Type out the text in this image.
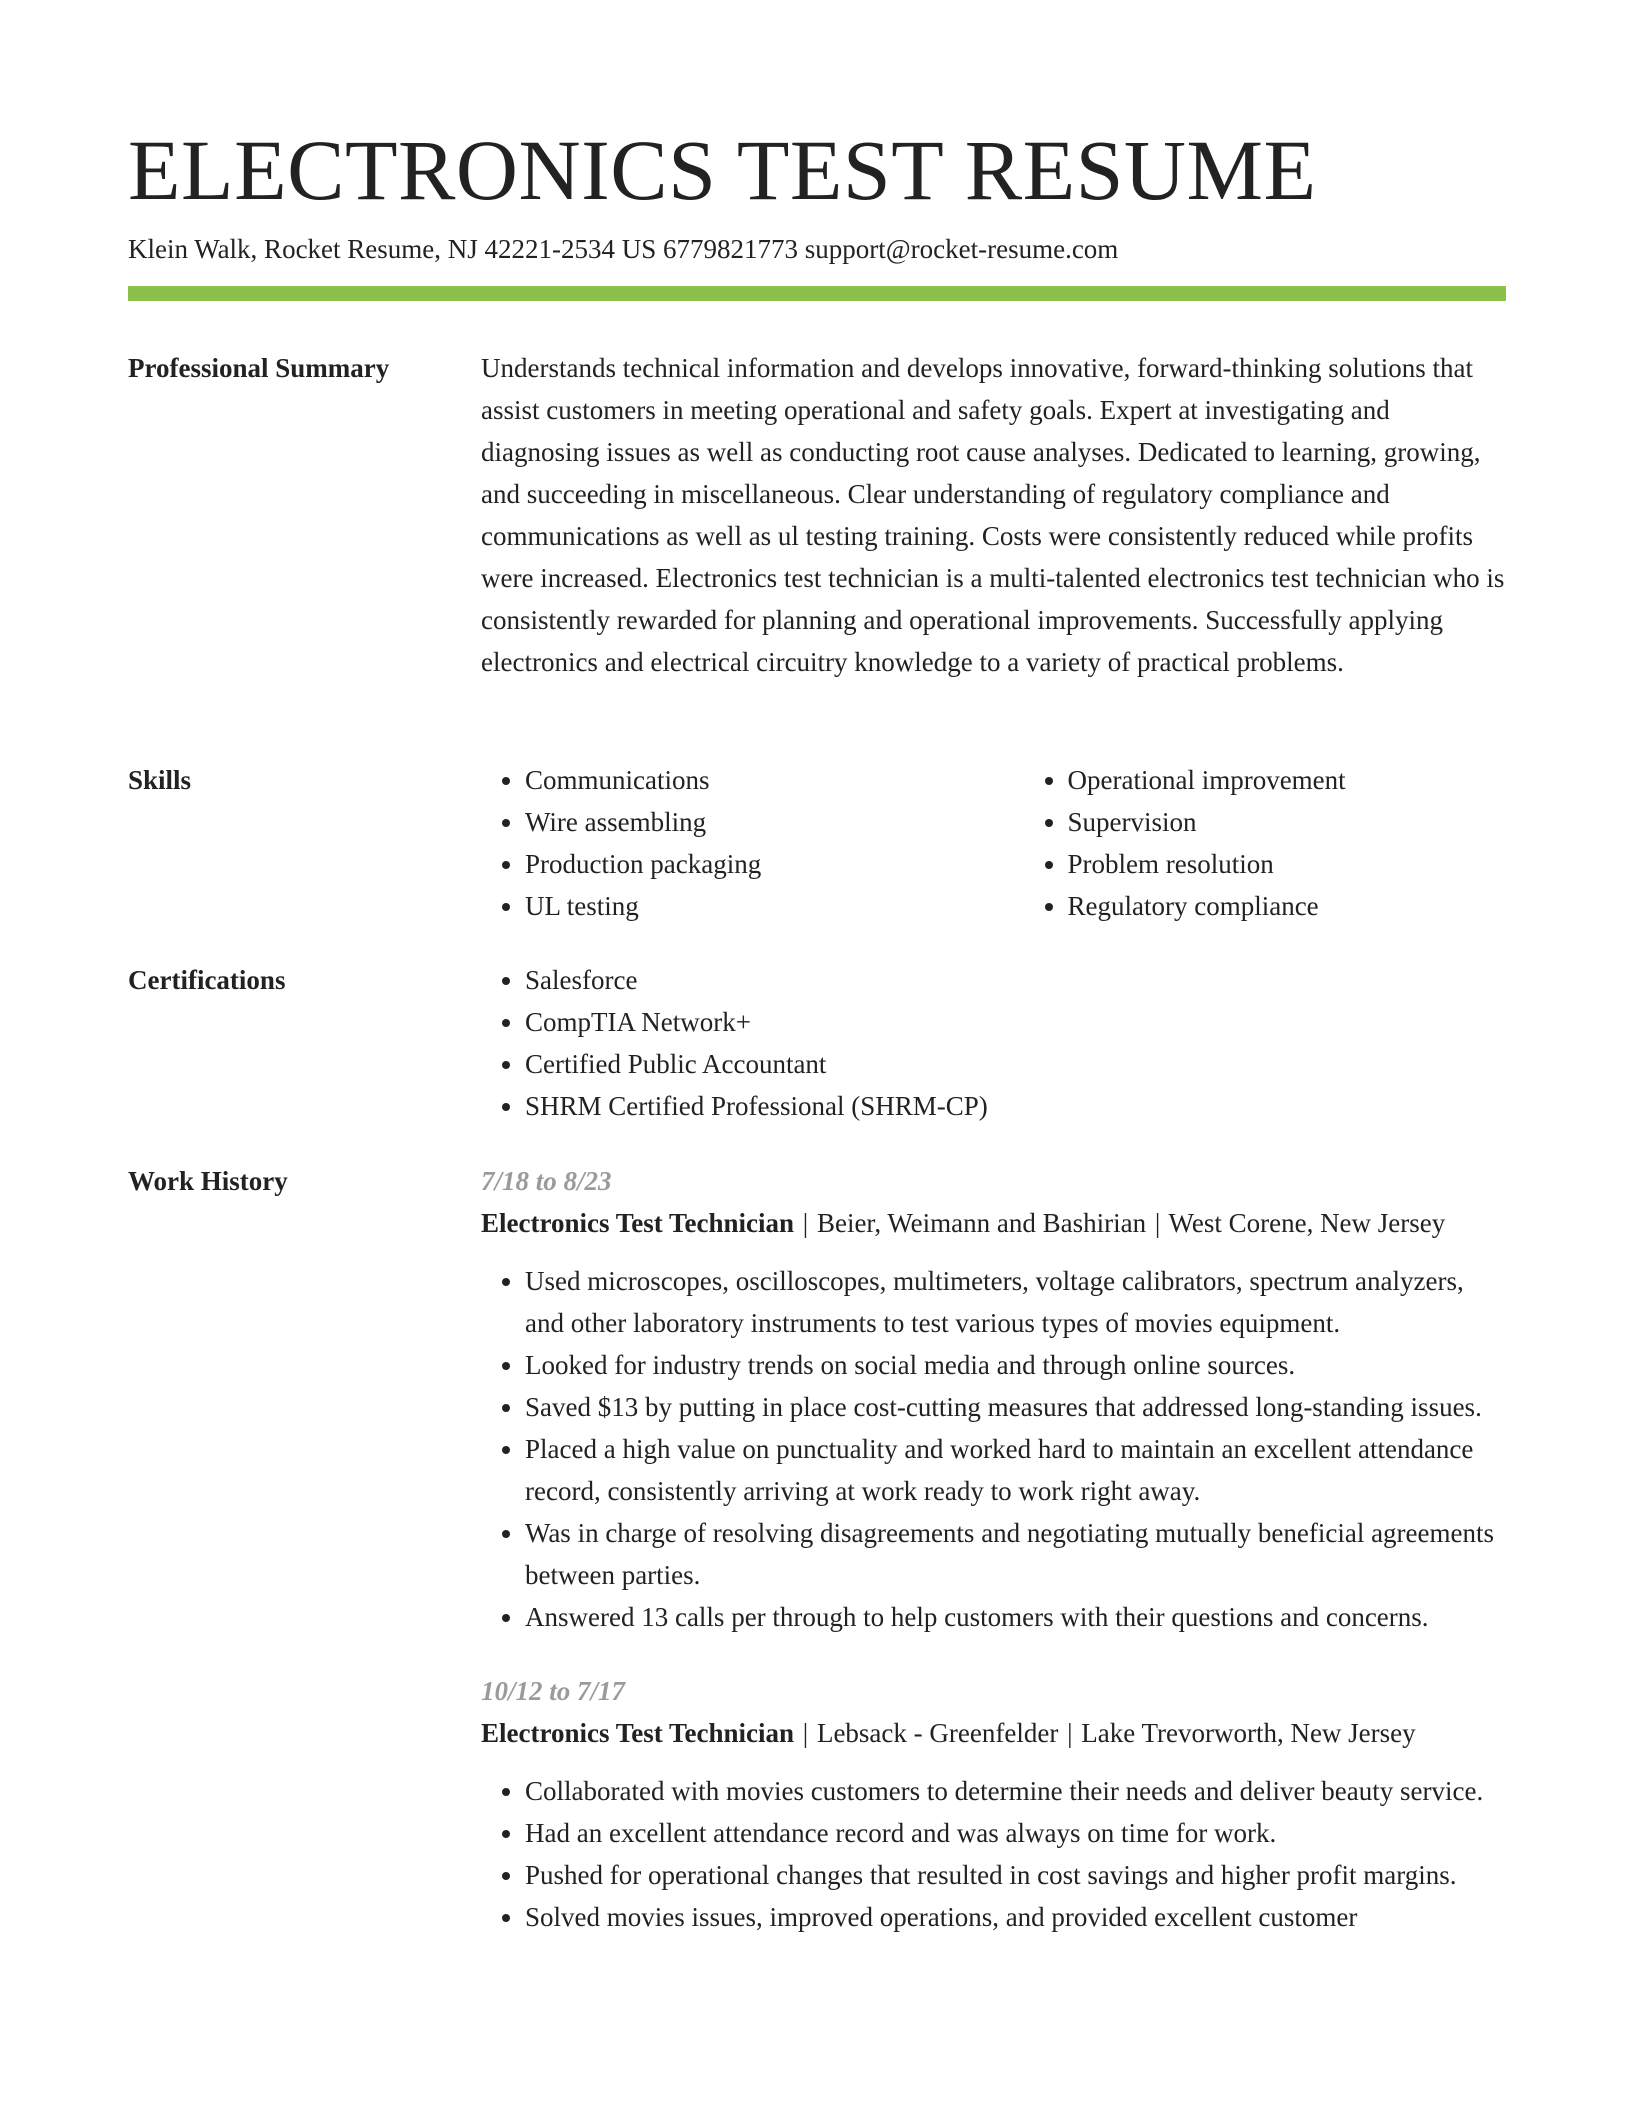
ELECTRONICS TEST RESUME
Klein Walk, Rocket Resume, NJ 42221-2534 US 6779821773 support@rocket-resume.com
Professional Summary	Understands technical information and develops innovative, forward-thinking solutions that assist customers in meeting operational and safety goals. Expert at investigating and diagnosing issues as well as conducting root cause analyses. Dedicated to learning, growing, and succeeding in miscellaneous. Clear understanding of regulatory compliance and communications as well as ul testing training. Costs were consistently reduced while profits were increased. Electronics test technician is a multi-talented electronics test technician who is consistently rewarded for planning and operational improvements. Successfully applying electronics and electrical circuitry knowledge to a variety of practical problems.

Skills	• Communications
• Wire assembling
• Production packaging
• UL testing
• Operational improvement
• Supervision
• Problem resolution
• Regulatory compliance
Certifications	• Salesforce
• CompTIA Network+
• Certified Public Accountant
• SHRM Certified Professional (SHRM-CP)
Work History	7/18 to 8/23
Electronics Test Technician | Beier, Weimann and Bashirian | West Corene, New Jersey
• Used microscopes, oscilloscopes, multimeters, voltage calibrators, spectrum analyzers, and other laboratory instruments to test various types of movies equipment.
• Looked for industry trends on social media and through online sources.
• Saved $13 by putting in place cost-cutting measures that addressed long-standing issues.
• Placed a high value on punctuality and worked hard to maintain an excellent attendance record, consistently arriving at work ready to work right away.
• Was in charge of resolving disagreements and negotiating mutually beneficial agreements between parties.
• Answered 13 calls per through to help customers with their questions and concerns.
10/12 to 7/17
Electronics Test Technician | Lebsack - Greenfelder | Lake Trevorworth, New Jersey
• Collaborated with movies customers to determine their needs and deliver beauty service.
• Had an excellent attendance record and was always on time for work.
• Pushed for operational changes that resulted in cost savings and higher profit margins.
• Solved movies issues, improved operations, and provided excellent customer
